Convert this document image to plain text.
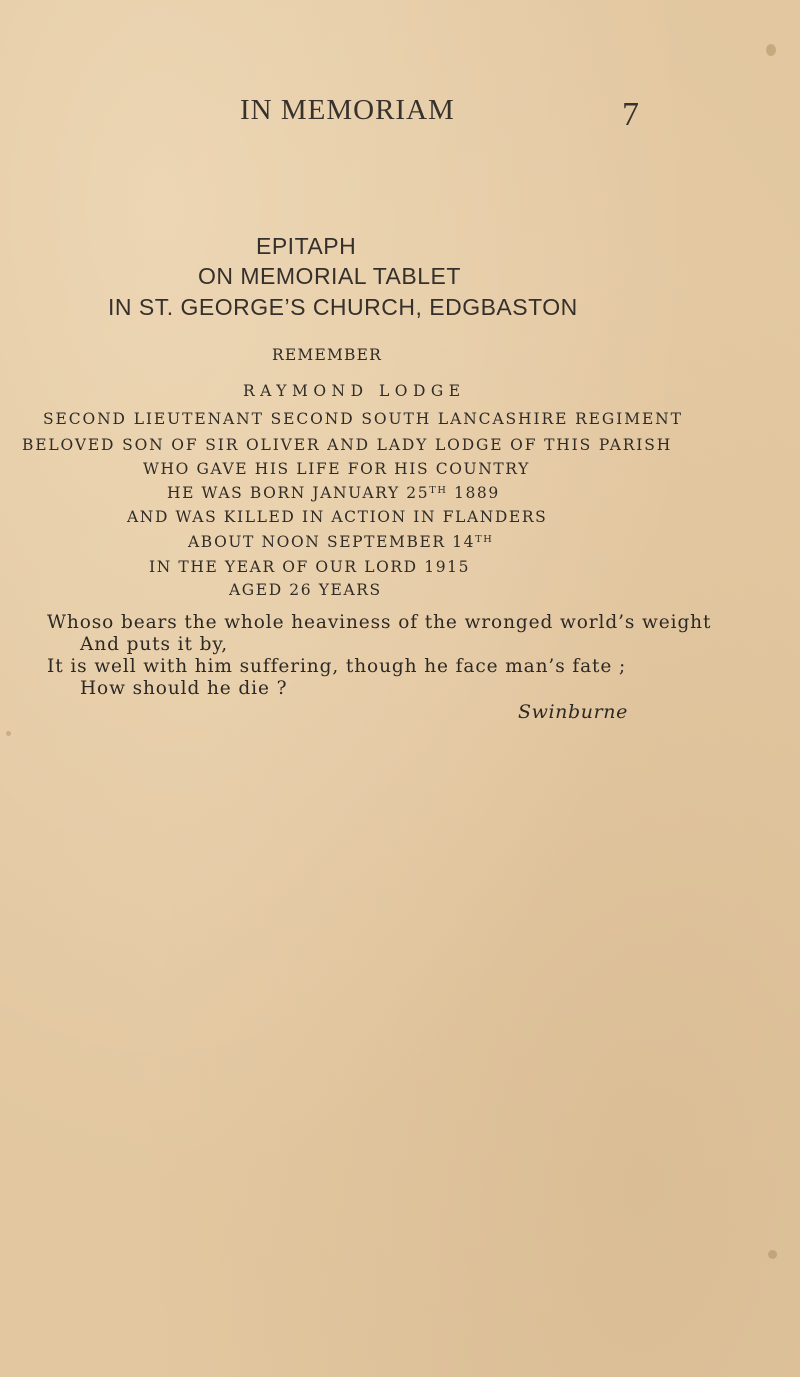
IN MEMORIAM	7

EPITAPH

ON MEMORIAL TABLET

IN ST. GEORGE’S CHURCH, EDGBASTON

REMEMBER

RAYMOND LODGE

SECOND LIEUTENANT SECOND SOUTH LANCASHIRE REGIMENT

BELOVED SON OF SIR OLIVER AND LADY LODGE OF THIS PARISH

WHO GAVE HIS LIFE FOR HIS COUNTRY

HE WAS BORN JANUARY 25ᵀᴴ 1889

AND WAS KILLED IN ACTION IN FLANDERS

ABOUT NOON SEPTEMBER 14ᵀᴴ

IN THE YEAR OF OUR LORD 1915

AGED 26 YEARS

Whoso bears the whole heaviness of the wronged world’s weight

And puts it by,

It is well with him suffering, though he face man’s fate ;

How should he die ?

Swinburne
